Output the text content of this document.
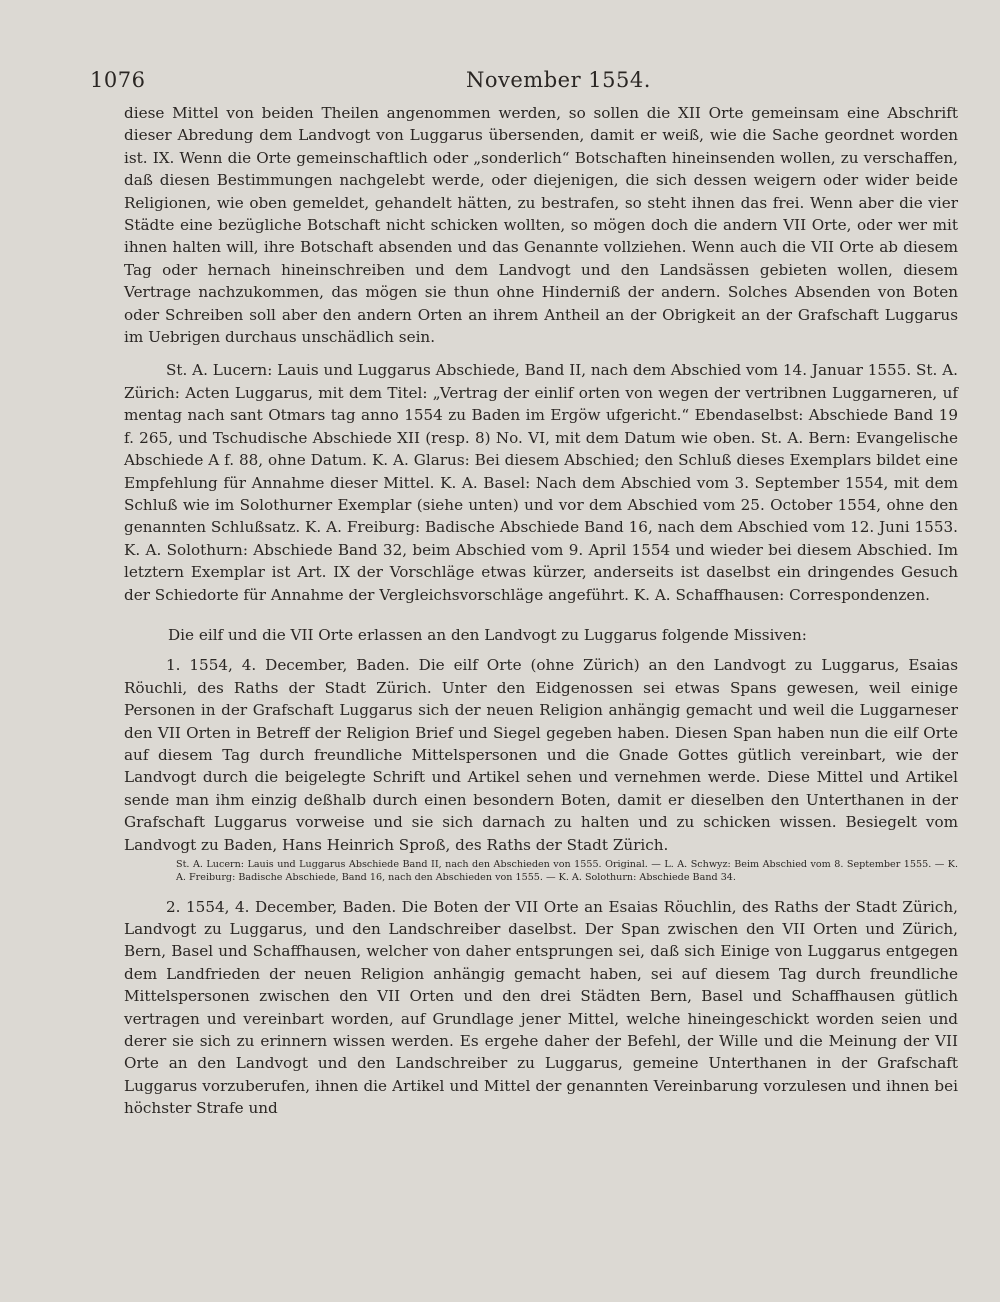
1076	November 1554.

diese Mittel von beiden Theilen angenommen werden, so sollen die XII Orte gemeinsam eine Abschrift dieser Abredung dem Landvogt von Luggarus übersenden, damit er weiß, wie die Sache geordnet worden ist. IX. Wenn die Orte gemeinschaftlich oder „sonderlich“ Botschaften hineinsenden wollen, zu verschaffen, daß diesen Bestimmungen nachgelebt werde, oder diejenigen, die sich dessen weigern oder wider beide Religionen, wie oben gemeldet, gehandelt hätten, zu bestrafen, so steht ihnen das frei. Wenn aber die vier Städte eine bezügliche Botschaft nicht schicken wollten, so mögen doch die andern VII Orte, oder wer mit ihnen halten will, ihre Botschaft absenden und das Genannte vollziehen. Wenn auch die VII Orte ab diesem Tag oder hernach hineinschreiben und dem Landvogt und den Landsässen gebieten wollen, diesem Vertrage nachzukommen, das mögen sie thun ohne Hinderniß der andern. Solches Absenden von Boten oder Schreiben soll aber den andern Orten an ihrem Antheil an der Obrigkeit an der Grafschaft Luggarus im Uebrigen durchaus unschädlich sein.

St. A. Lucern: Lauis und Luggarus Abschiede, Band II, nach dem Abschied vom 14. Januar 1555. St. A. Zürich: Acten Luggarus, mit dem Titel: „Vertrag der einlif orten von wegen der vertribnen Luggarneren, uf mentag nach sant Otmars tag anno 1554 zu Baden im Ergöw ufgericht.“ Ebendaselbst: Abschiede Band 19 f. 265, und Tschudische Abschiede XII (resp. 8) No. VI, mit dem Datum wie oben. St. A. Bern: Evangelische Abschiede A f. 88, ohne Datum. K. A. Glarus: Bei diesem Abschied; den Schluß dieses Exemplars bildet eine Empfehlung für Annahme dieser Mittel. K. A. Basel: Nach dem Abschied vom 3. September 1554, mit dem Schluß wie im Solothurner Exemplar (siehe unten) und vor dem Abschied vom 25. October 1554, ohne den genannten Schlußsatz. K. A. Freiburg: Badische Abschiede Band 16, nach dem Abschied vom 12. Juni 1553. K. A. Solothurn: Abschiede Band 32, beim Abschied vom 9. April 1554 und wieder bei diesem Abschied. Im letztern Exemplar ist Art. IX der Vorschläge etwas kürzer, anderseits ist daselbst ein dringendes Gesuch der Schiedorte für Annahme der Vergleichsvorschläge angeführt. K. A. Schaffhausen: Correspondenzen.

Die eilf und die VII Orte erlassen an den Landvogt zu Luggarus folgende Missiven:

1. 1554, 4. December, Baden. Die eilf Orte (ohne Zürich) an den Landvogt zu Luggarus, Esaias Röuchli, des Raths der Stadt Zürich. Unter den Eidgenossen sei etwas Spans gewesen, weil einige Personen in der Grafschaft Luggarus sich der neuen Religion anhängig gemacht und weil die Luggarneser den VII Orten in Betreff der Religion Brief und Siegel gegeben haben. Diesen Span haben nun die eilf Orte auf diesem Tag durch freundliche Mittelspersonen und die Gnade Gottes gütlich vereinbart, wie der Landvogt durch die beigelegte Schrift und Artikel sehen und vernehmen werde. Diese Mittel und Artikel sende man ihm einzig deßhalb durch einen besondern Boten, damit er dieselben den Unterthanen in der Grafschaft Luggarus vorweise und sie sich darnach zu halten und zu schicken wissen. Besiegelt vom Landvogt zu Baden, Hans Heinrich Sproß, des Raths der Stadt Zürich.

St. A. Lucern: Lauis und Luggarus Abschiede Band II, nach den Abschieden von 1555. Original. — L. A. Schwyz: Beim Abschied vom 8. September 1555. — K. A. Freiburg: Badische Abschiede, Band 16, nach den Abschieden von 1555. — K. A. Solothurn: Abschiede Band 34.

2. 1554, 4. December, Baden. Die Boten der VII Orte an Esaias Röuchlin, des Raths der Stadt Zürich, Landvogt zu Luggarus, und den Landschreiber daselbst. Der Span zwischen den VII Orten und Zürich, Bern, Basel und Schaffhausen, welcher von daher entsprungen sei, daß sich Einige von Luggarus entgegen dem Landfrieden der neuen Religion anhängig gemacht haben, sei auf diesem Tag durch freundliche Mittelspersonen zwischen den VII Orten und den drei Städten Bern, Basel und Schaffhausen gütlich vertragen und vereinbart worden, auf Grundlage jener Mittel, welche hineingeschickt worden seien und derer sie sich zu erinnern wissen werden. Es ergehe daher der Befehl, der Wille und die Meinung der VII Orte an den Landvogt und den Landschreiber zu Luggarus, gemeine Unterthanen in der Grafschaft Luggarus vorzuberufen, ihnen die Artikel und Mittel der genannten Vereinbarung vorzulesen und ihnen bei höchster Strafe und
